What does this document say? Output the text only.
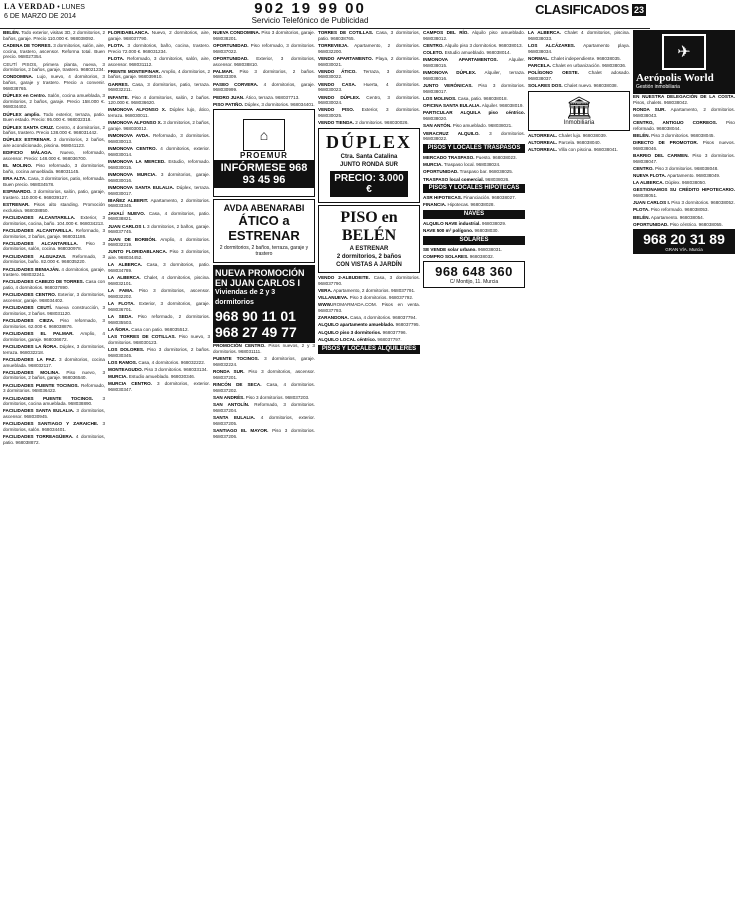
LA VERDAD • LUNES
6 DE MARZO DE 2014	902 19 99 00
Servicio Telefónico de Publicidad
CLASIFICADOS 23
BELÉN. Todo exterior, visitas 3D, 2 dormitorios, 2 baños, garaje. Precio 110.000 €. 968038092.
CADENA DE TORRES. 3 dormitorios, salón, aire, cocina, trastero, ascensor. Reforma total. Buen precio. 968027354.
CEUTÍ PISOS, primera planta, nueva, 3 dormitorios, 2 baños, garaje, trastero. 968021234.
CONDOMINA. Lujo, nuevo, 4 dormitorios, 3 baños, garaje y trastero. Precio a convenir. 968038765.
DÚPLEX en Centro. Salón, cocina amueblada, 3 dormitorios, 2 baños, garaje. Precio 158.000 €. 968034402.
DÚPLEX amplio. Todo exterior, terraza, patio. Buen estado. Precio: 95.000 €. 968032318.
DÚPLEX SANTA CRUZ. Centro, 4 dormitorios, 2 baños, trastero. Precio 138.000 €. 968031442.
DÚPLEX ESTRENAR. 3 dormitorios, 2 baños, aire acondicionado, piscina. 968041123.
EDIFICIO MÁLAGA. Nuevo, reformado, ascensor. Precio: 148.000 €. 968036700.
EL MOLINO. Piso reformado, 3 dormitorios, baño, cocina amueblada. 968031145.
ERA ALTA. Casa, 3 dormitorios, patio, reformada. Buen precio. 968034578.
ESPINARDO. 3 dormitorios, salón, patio, garaje, trastero. 110.000 €. 968039127.
ESTRENAR. Pisos alto standing. Promoción exclusiva. 968038850.
FACILIDADES ALCANTARILLA. Exterior, 3 dormitorios, cocina, baño. 104.000 €. 968034213.
FACILIDADES ALCANTARILLA. Reformado, 3 dormitorios, 2 baños, garaje. 968031186.
FACILIDADES ALCANTARILLA. Piso 3 dormitorios, salón, cocina. 968030978.
FACILIDADES ALGUAZAS. Reformado, 3 dormitorios, baño. 82.000 €. 968035220.
FACILIDADES BENIAJÁN. 4 dormitorios, garaje, trastero. 968032241.
FACILIDADES CABEZO DE TORRES. Casa con patio, 4 dormitorios. 968037890.
FACILIDADES CENTRO. Exterior, 3 dormitorios, ascensor, garaje. 968034402.
FACILIDADES CEUTÍ. Nueva construcción, 3 dormitorios, 2 baños. 968031120.
FACILIDADES CIEZA. Piso reformado, 3 dormitorios. 62.000 €. 968038876.
FACILIDADES EL PALMAR. Amplio, 4 dormitorios, garaje. 968036672.
FACILIDADES LA ÑORA. Dúplex, 3 dormitorios, terraza. 968032218.
FACILIDADES LA PAZ. 3 dormitorios, cocina amueblada. 968032117.
FACILIDADES MOLINA. Piso nuevo, 3 dormitorios, 2 baños, garaje. 968036540.
FACILIDADES PUENTE TOCINOS. Reformado, 3 dormitorios. 968036422.
FACILIDADES PUENTE TOCINOS. 3 dormitorios, cocina amueblada. 968038890.
FACILIDADES SANTA EULALIA. 3 dormitorios, ascensor. 968030945.
FACILIDADES SANTIAGO Y ZARAICHE. 3 dormitorios, salón. 968034401.
FACILIDADES TORREAGÜERA. 4 dormitorios, patio. 968038872.
FLORIDABLANCA. Nuevo, 2 dormitorios, aire, garaje. 968037790.
FLOTA. 3 dormitorios, baño, cocina, trastero. Precio 72.000 €. 968031234.
FLOTA. Reformado, 3 dormitorios, salón, aire, ascensor. 968031112.
FRENTE MONTEPINAR. Amplio, 4 dormitorios, 2 baños, garaje. 968039910.
GARRES. Casa, 3 dormitorios, patio, terraza. 968032211.
INFANTE. Piso 4 dormitorios, salón, 2 baños. 120.000 €. 968036620.
INMONOVA ALFONSO X. Dúplex lujo, ático, terraza. 968030011.
INMONOVA ALFONSO X. 3 dormitorios, 2 baños, garaje. 968030012.
INMONOVA AVDA. Reformado, 3 dormitorios. 968030013.
INMONOVA CENTRO. 4 dormitorios, exterior. 968030014.
INMONOVA LA MERCED. Estudio, reformado. 968030015.
INMONOVA MURCIA. 3 dormitorios, garaje. 968030016.
INMONOVA SANTA EULALIA. Dúplex, terraza. 968030017.
IBAÑEZ ALBERIT. Apartamento, 2 dormitorios. 968033345.
JAVALÍ NUEVO. Casa, 4 dormitorios, patio. 968038821.
JUAN CARLOS I. 3 dormitorios, 2 baños, garaje. 968037745.
JUAN DE BORBÓN. Amplio, 4 dormitorios. 968032219.
JUNTO FLORIDABLANCA. Piso 3 dormitorios, aire. 968034452.
LA ALBERCA. Casa, 3 dormitorios, patio. 968034789.
LA ALBERCA. Chalet, 4 dormitorios, piscina. 968032101.
LA FAMA. Piso 3 dormitorios, ascensor. 968032202.
LA FLOTA. Exterior, 3 dormitorios, garaje. 968036701.
LA SEDA. Piso reformado, 2 dormitorios. 968035503.
LA ÑORA. Casa con patio. 968035512.
LAS TORRES DE COTILLAS. Piso nuevo, 3 dormitorios. 968030123.
LOS DOLORES. Piso 3 dormitorios, 2 baños. 968030345.
LOS RAMOS. Casa, 4 dormitorios. 968032222.
MONTEAGUDO. Piso 3 dormitorios. 968033134.
MURCIA. Estudio amueblado. 968030346.
MURCIA CENTRO. 3 dormitorios, exterior. 968030347.
NUEVA CONDOMINA. Piso 3 dormitorios, garaje. 968038201.
OPORTUNIDAD. Piso reformado, 3 dormitorios. 968037022.
OPORTUNIDAD. Exterior, 3 dormitorios, ascensor. 968038810.
PALMAR. Piso 3 dormitorios, 2 baños. 968033309.
PASEO CORVERA. 4 dormitorios, garaje. 968030999.
PEDRO JUAN. Ático, terraza. 968037713.
PISO PATIÑO. Dúplex, 3 dormitorios. 968034401.
⌂
PROEMUR
INFÓRMESE 968 93 45 96
AVDA ABENARABI
ÁTICO a ESTRENAR

2 dormitorios, 2 baños, terraza, garaje y trastero

NUEVA PROMOCIÓN EN JUAN CARLOS I
Viviendas de 2 y 3 dormitorios
968 90 11 01
968 27 49 77
PROMOCIÓN CENTRO. Pisos nuevos, 2 y 3 dormitorios. 968031111.
PUENTE TOCINOS. 3 dormitorios, garaje. 968032224.
RONDA SUR. Piso 3 dormitorios, ascensor. 968037201.
RINCÓN DE SECA. Casa, 4 dormitorios. 968037202.
SAN ANDRÉS. Piso 3 dormitorios. 968037203.
SAN ANTOLÍN. Reformado, 3 dormitorios. 968037204.
SANTA EULALIA. 4 dormitorios, exterior. 968037205.
SANTIAGO EL MAYOR. Piso 3 dormitorios. 968037206.
TORRES DE COTILLAS. Casa, 3 dormitorios, patio. 968038765.
TORREVIEJA. Apartamento, 2 dormitorios. 968032200.
VENDO APARTAMENTO. Playa, 2 dormitorios. 968030021.
VENDO ÁTICO. Terraza, 3 dormitorios. 968030022.
VENDO CASA. Huerta, 4 dormitorios. 968030023.
VENDO DÚPLEX. Centro, 3 dormitorios. 968030024.
VENDO PISO. Exterior, 3 dormitorios. 968030025.
VENDO TIENDA. 2 dormitorios. 968030026.
DÚPLEX
Ctra. Santa Catalina
JUNTO RONDA SUR
PRECIO: 3.000 €
PISO en BELÉN
A ESTRENAR
2 dormitorios, 2 baños
CON VISTAS A JARDÍN
VENDO 2-ALBUDEITE. Casa, 3 dormitorios. 968037790.
VERA. Apartamento, 2 dormitorios. 968037791.
VILLANUEVA. Piso 3 dormitorios. 968037792.
WWW.IROMARMADA.COM. Pisos en venta. 968037793.
ZARANDONA. Casa, 4 dormitorios. 968037794.
ALQUILO apartamento amueblado. 968037795.
ALQUILO piso 3 dormitorios. 968037796.
ALQUILO LOCAL céntrico. 968037797.
PISOS Y LOCALES ALQUILERES
CAMPOS DEL RÍO. Alquilo piso amueblado. 968038012.
CENTRO. Alquilo piso 3 dormitorios. 968038013.
COLETO. Estudio amueblado. 968038014.
INMONOVA APARTAMENTOS. Alquiler. 968038015.
INMONOVA DÚPLEX. Alquiler, terraza. 968038016.
JUNTO VERÓNICAS. Piso 3 dormitorios. 968038017.
LOS MOLINOS. Casa, patio. 968038018.
OFICINA SANTA EULALIA. Alquiler. 968038019.
PARTICULAR ALQUILA piso céntrico. 968038020.
SAN ANTÓN. Piso amueblado. 968038021.
VERACRUZ ALQUILO. 3 dormitorios. 968038022.
PISOS Y LOCALES TRASPASOS
MERCADO TRASPASO. Puesto. 968038023.
MURCIA. Traspaso local. 968038024.
OPORTUNIDAD. Traspaso bar. 968038025.
TRASPASO local comercial. 968038026.
PISOS Y LOCALES HIPOTECAS
ASR HIPOTECAS. Financiación. 968038027.
FINANCIA. Hipotecas. 968038028.
NAVES
ALQUILO NAVE industrial. 968038029.
NAVE 500 m² polígono. 968038030.
SOLARES
SE VENDE solar urbano. 968038031.
COMPRO SOLARES. 968038032.
968 648 360
C/ Montijo, 11. Murcia
LA ALBERCA. Chalet 4 dormitorios, piscina. 968038033.
LOS ALCÁZARES. Apartamento playa. 968038034.
NORMAL. Chalet independiente. 968038035.
PARCELA. Chalet en urbanización. 968038036.
POLÍGONO OESTE. Chalet adosado. 968038037.
SOLARES DOS. Chalet nuevo. 968038038.
🏛
Inmobiliaria
ALTORREAL. Chalet lujo. 968038039.
ALTORREAL. Parcela. 968038040.
ALTORREAL. Villa con piscina. 968038041.
✈
Aerópolis World
Gestión inmobiliaria
EN NUESTRA DELEGACIÓN DE LA COSTA. Pisos, chalets. 968038042.
RONDA SUR. Apartamento, 2 dormitorios. 968038043.
CENTRO, ANTIGUO CORREOS. Piso reformado. 968038044.
BELÉN. Piso 3 dormitorios. 968038045.
DIRECTO DE PROMOTOR. Pisos nuevos. 968038046.
BARRIO DEL CARMEN. Piso 3 dormitorios. 968038047.
CENTRO. Piso 3 dormitorios. 968038048.
NUEVA FLOTA. Apartamento. 968038049.
LA ALBERCA. Dúplex. 968038050.
GESTIONAMOS SU CRÉDITO HIPOTECARIO. 968038051.
JUAN CARLOS I. Piso 3 dormitorios. 968038052.
PLOTA. Piso reformado. 968038053.
BELÉN. Apartamento. 968038054.
OPORTUNIDAD. Piso céntrico. 968038055.
968 20 31 89
GRAN VÍA. Murcia
